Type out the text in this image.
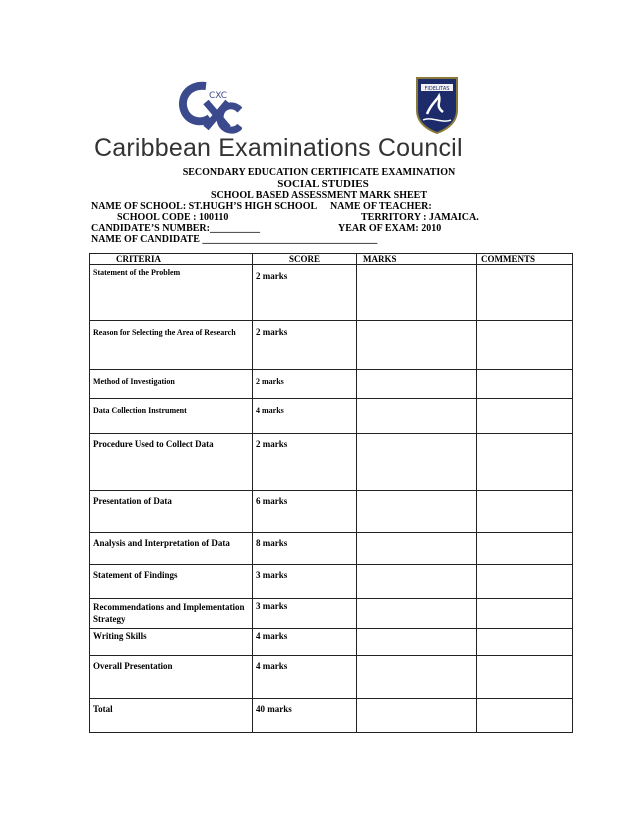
CXC
Caribbean Examinations Council
FIDELITAS
SECONDARY EDUCATION CERTIFICATE EXAMINATION
SOCIAL STUDIES
SCHOOL BASED ASSESSMENT MARK SHEET
NAME OF SCHOOL: ST.HUGH’S HIGH SCHOOL NAME OF TEACHER:
SCHOOL CODE : 100110	TERRITORY : JAMAICA.
CANDIDATE’S NUMBER:__________	YEAR OF EXAM: 2010
NAME OF CANDIDATE ___________________________________
CRITERIA	SCORE	MARKS	COMMENTS
Statement of the Problem	2 marks		
Reason for Selecting the Area of Research	2 marks		
Method of Investigation	2 marks		
Data Collection Instrument	4 marks		
Procedure Used to Collect Data	2 marks		
Presentation of Data	6 marks		
Analysis and Interpretation of Data	8 marks		
Statement of Findings	3 marks		
Recommendations and Implementation Strategy	3 marks		
Writing Skills	4 marks		
Overall Presentation	4 marks		
Total	40 marks		
